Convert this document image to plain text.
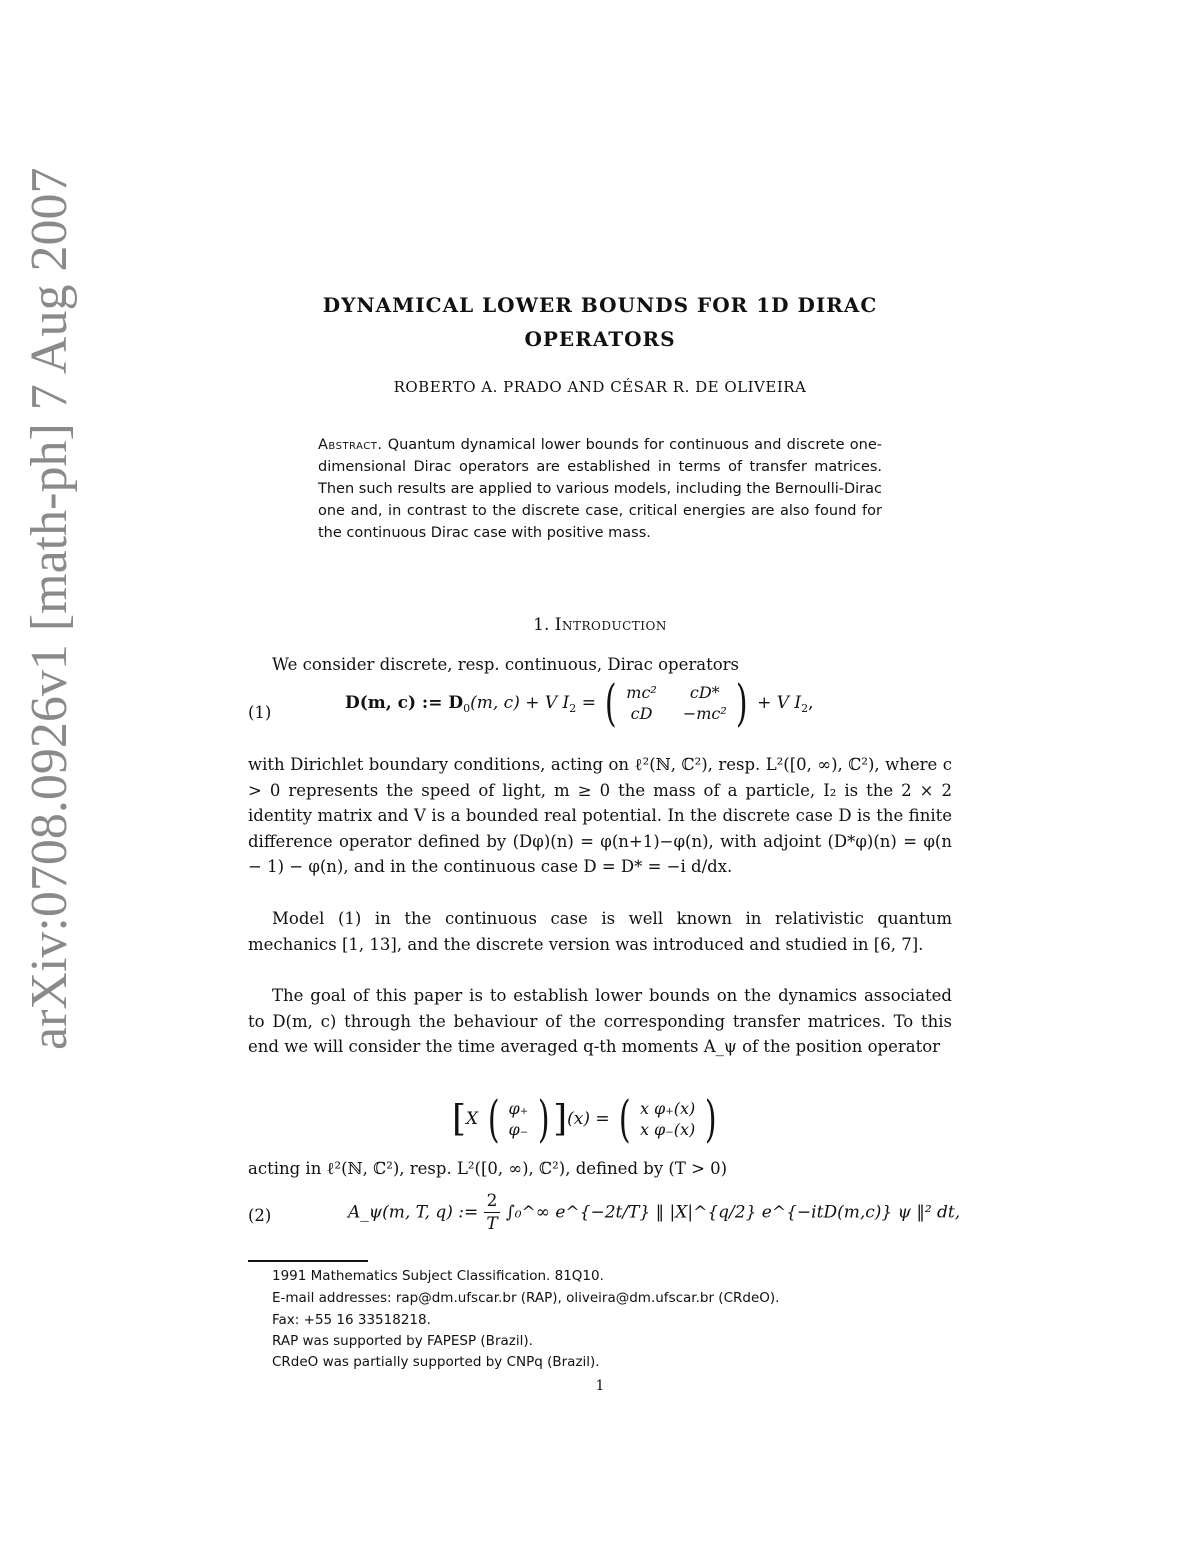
arXiv:0708.0926v1 [math-ph] 7 Aug 2007	DYNAMICAL LOWER BOUNDS FOR 1D DIRAC
OPERATORS
ROBERTO A. PRADO AND CÉSAR R. DE OLIVEIRA
Abstract. Quantum dynamical lower bounds for continuous and discrete one-dimensional Dirac operators are established in terms of transfer matrices. Then such results are applied to various models, including the Bernoulli-Dirac one and, in contrast to the discrete case, critical energies are also found for the continuous Dirac case with positive mass.
1. Introduction
We consider discrete, resp. continuous, Dirac operators
(1)	D(m, c) := $D_0(m$, c) + V $I_2$ = ( mc²	cD*
cD −mc² ) + V $I_2$,
with Dirichlet boundary conditions, acting on ℓ²(ℕ, ℂ²), resp. L²([0, ∞), ℂ²), where c > 0 represents the speed of light, m ≥ 0 the mass of a particle, I₂ is the 2 × 2 identity matrix and V is a bounded real potential. In the discrete case D is the finite difference operator defined by (Dφ)(n) = φ(n+1)−φ(n), with adjoint (D*φ)(n) = φ(n − 1) − φ(n), and in the continuous case D = D* = −i d/dx.
Model (1) in the continuous case is well known in relativistic quantum mechanics [1, 13], and the discrete version was introduced and studied in [6, 7].
The goal of this paper is to establish lower bounds on the dynamics associated to D(m, c) through the behaviour of the corresponding transfer matrices. To this end we will consider the time averaged q-th moments A_ψ of the position operator
[X ( φ₊
φ₋ ) ](x) = ( x φ₊(x)
x φ₋(x) )
acting in ℓ²(ℕ, ℂ²), resp. L²([0, ∞), ℂ²), defined by (T > 0)
(2)	A_ψ(m, T, q) := $\frac{2}{T}$ ∫₀^∞ e^{−2t/T} ‖ |X|^{q/2} e^{−itD(m,c)} ψ ‖² dt,
1991 Mathematics Subject Classification. 81Q10.
E-mail addresses: rap@dm.ufscar.br (RAP), oliveira@dm.ufscar.br (CRdeO).
Fax: +55 16 33518218.
RAP was supported by FAPESP (Brazil).
CRdeO was partially supported by CNPq (Brazil).
1
